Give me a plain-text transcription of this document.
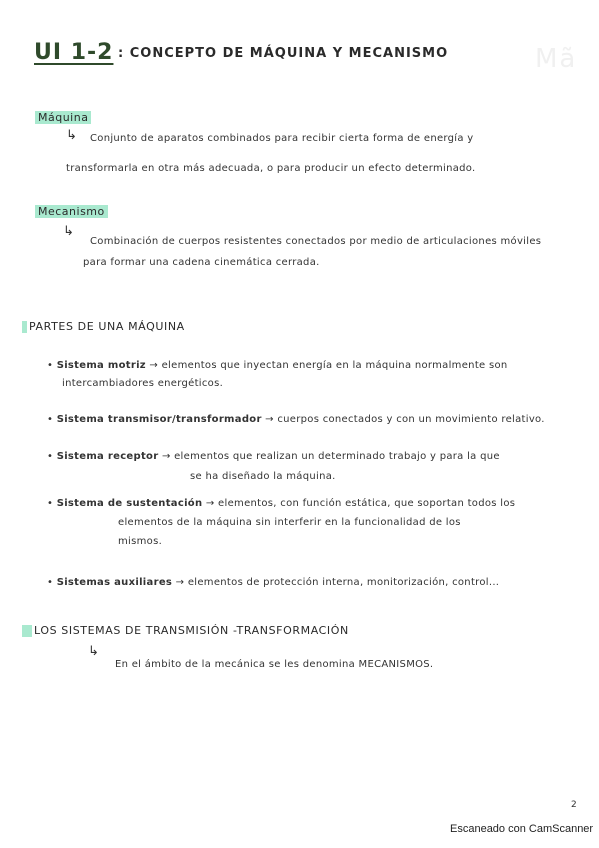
UI 1-2 : CONCEPTO DE MÁQUINA Y MECANISMO	Mã
Máquina
↳ Conjunto de aparatos combinados para recibir cierta forma de energía y
transformarla en otra más adecuada, o para producir un efecto determinado.
Mecanismo
↳
Combinación de cuerpos resistentes conectados por medio de articulaciones móviles
para formar una cadena cinemática cerrada.
PARTES DE UNA MÁQUINA
• Sistema motriz → elementos que inyectan energía en la máquina normalmente son
intercambiadores energéticos.
• Sistema transmisor/transformador → cuerpos conectados y con un movimiento relativo.
• Sistema receptor → elementos que realizan un determinado trabajo y para la que
se ha diseñado la máquina.
• Sistema de sustentación → elementos, con función estática, que soportan todos los
elementos de la máquina sin interferir en la funcionalidad de los
mismos.
• Sistemas auxiliares → elementos de protección interna, monitorización, control...
LOS SISTEMAS DE TRANSMISIÓN -TRANSFORMACIÓN
↳
En el ámbito de la mecánica se les denomina MECANISMOS.
2
Escaneado con CamScanner
